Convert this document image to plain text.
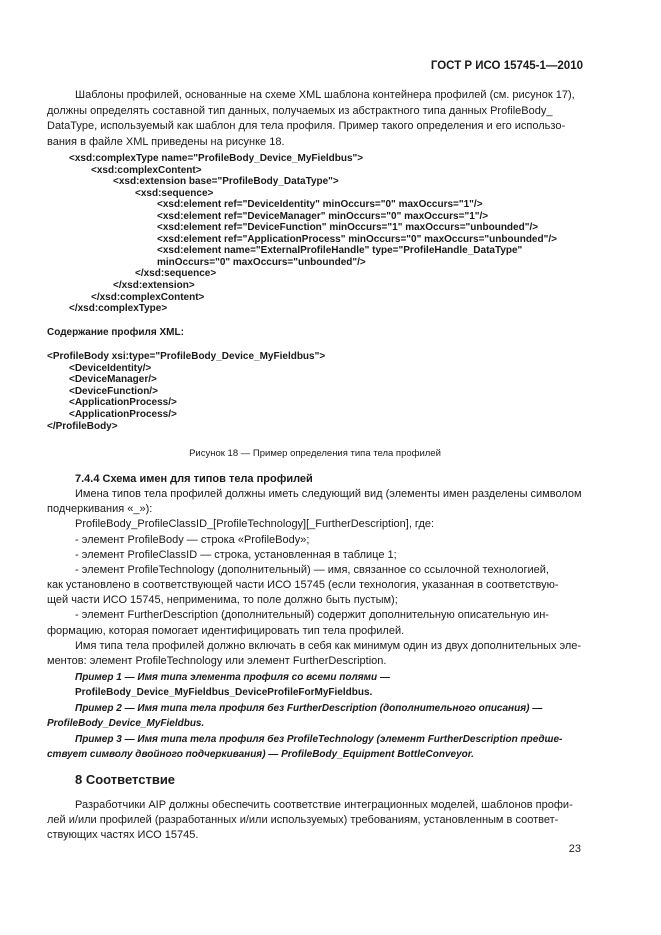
ГОСТ Р ИСО 15745-1—2010

Шаблоны профилей, основанные на схеме XML шаблона контейнера профилей (см. рисунок 17),

должны определять составной тип данных, получаемых из абстрактного типа данных ProfileBody_

DataType, используемый как шаблон для тела профиля. Пример такого определения и его использо-

вания в файле XML приведены на рисунке 18.

<xsd:complexType name="ProfileBody_Device_MyFieldbus">
<xsd:complexContent>
<xsd:extension base="ProfileBody_DataType">
<xsd:sequence>
<xsd:element ref="DeviceIdentity" minOccurs="0" maxOccurs="1"/>
<xsd:element ref="DeviceManager" minOccurs="0" maxOccurs="1"/>
<xsd:element ref="DeviceFunction" minOccurs="1" maxOccurs="unbounded"/>
<xsd:element ref="ApplicationProcess" minOccurs="0" maxOccurs="unbounded"/>
<xsd:element name="ExternalProfileHandle" type="ProfileHandle_DataType"
minOccurs="0" maxOccurs="unbounded"/>
</xsd:sequence>
</xsd:extension>
</xsd:complexContent>
</xsd:complexType>
Содержание профиля XML:
<ProfileBody xsi:type="ProfileBody_Device_MyFieldbus">
<DeviceIdentity/>
<DeviceManager/>
<DeviceFunction/>
<ApplicationProcess/>
<ApplicationProcess/>
</ProfileBody>
Рисунок 18 — Пример определения типа тела профилей
7.4.4 Схема имен для типов тела профилей

Имена типов тела профилей должны иметь следующий вид (элементы имен разделены символом

подчеркивания «_»):

ProfileBody_ProfileClassID_[ProfileTechnology][_FurtherDescription], где:

- элемент ProfileBody — строка «ProfileBody»;

- элемент ProfileClassID — строка, установленная в таблице 1;

- элемент ProfileTechnology (дополнительный) — имя, связанное со ссылочной технологией,

как установлено в соответствующей части ИСО 15745 (если технология, указанная в соответствую-

щей части ИСО 15745, неприменима, то поле должно быть пустым);

- элемент FurtherDescription (дополнительный) содержит дополнительную описательную ин-

формацию, которая помогает идентифицировать тип тела профилей.

Имя типа тела профилей должно включать в себя как минимум один из двух дополнительных эле-

ментов: элемент ProfileTechnology или элемент FurtherDescription.

Пример 1 — Имя типа элемента профиля со всеми полями —

ProfileBody_Device_MyFieldbus_DeviceProfileForMyFieldbus.

Пример 2 — Имя типа тела профиля без FurtherDescription (дополнительного описания) —

ProfileBody_Device_MyFieldbus.

Пример 3 — Имя типа тела профиля без ProfileTechnology (элемент FurtherDescription предше-

ствует символу двойного подчеркивания) — ProfileBody_Equipment BottleConveyor.

8 Соответствие

Разработчики AIP должны обеспечить соответствие интеграционных моделей, шаблонов профи-

лей и/или профилей (разработанных и/или используемых) требованиям, установленным в соответ-

ствующих частях ИСО 15745.

23
